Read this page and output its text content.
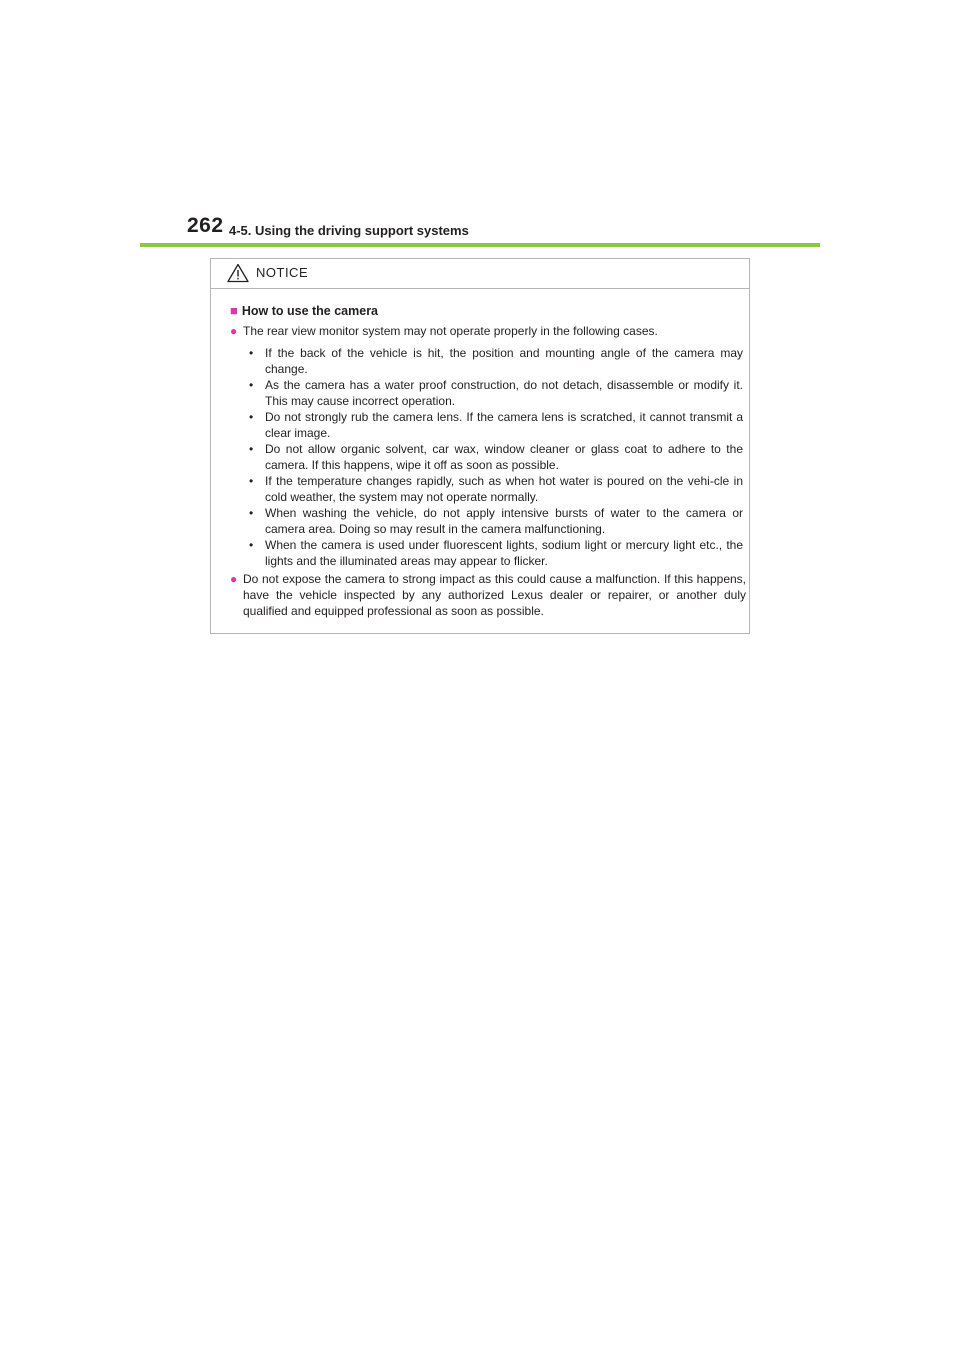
262 4-5. Using the driving support systems
NOTICE
■ How to use the camera
● The rear view monitor system may not operate properly in the following cases.

• If the back of the vehicle is hit, the position and mounting angle of the camera may change.

• As the camera has a water proof construction, do not detach, disassemble or modify it. This may cause incorrect operation.

• Do not strongly rub the camera lens. If the camera lens is scratched, it cannot transmit a clear image.

• Do not allow organic solvent, car wax, window cleaner or glass coat to adhere to the camera. If this happens, wipe it off as soon as possible.

• If the temperature changes rapidly, such as when hot water is poured on the vehi-cle in cold weather, the system may not operate normally.

• When washing the vehicle, do not apply intensive bursts of water to the camera or camera area. Doing so may result in the camera malfunctioning.

• When the camera is used under fluorescent lights, sodium light or mercury light etc., the lights and the illuminated areas may appear to flicker.

● Do not expose the camera to strong impact as this could cause a malfunction. If this happens, have the vehicle inspected by any authorized Lexus dealer or repairer, or another duly qualified and equipped professional as soon as possible.
